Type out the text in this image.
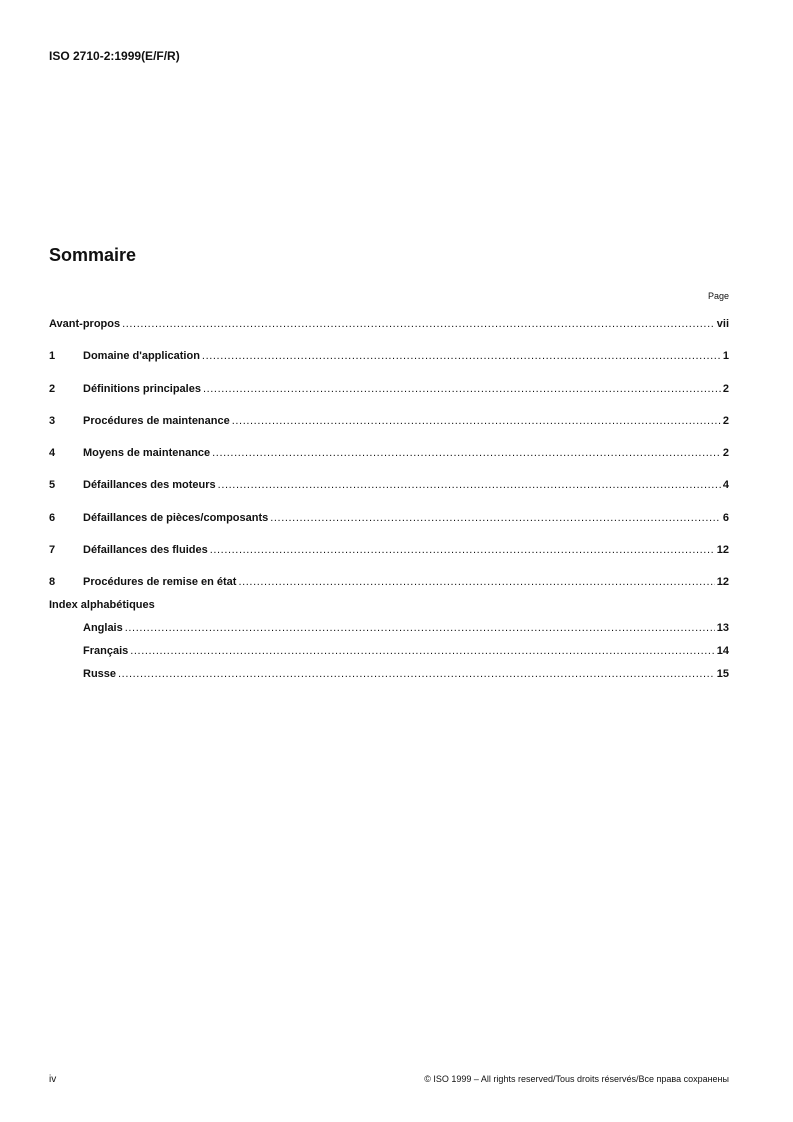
ISO 2710-2:1999(E/F/R)
Sommaire
Page
Avant-propos .....	vii
1	Domaine d'application .....	1
2	Définitions principales .....	2
3	Procédures de maintenance .....	2
4	Moyens de maintenance .....	2
5	Défaillances des moteurs .....	4
6	Défaillances de pièces/composants .....	6
7	Défaillances des fluides .....	12
8	Procédures de remise en état .....	12
Index alphabétiques
Anglais .....	13
Français .....	14
Russe .....	15
iv	© ISO 1999 – All rights reserved/Tous droits réservés/Все права сохранены
